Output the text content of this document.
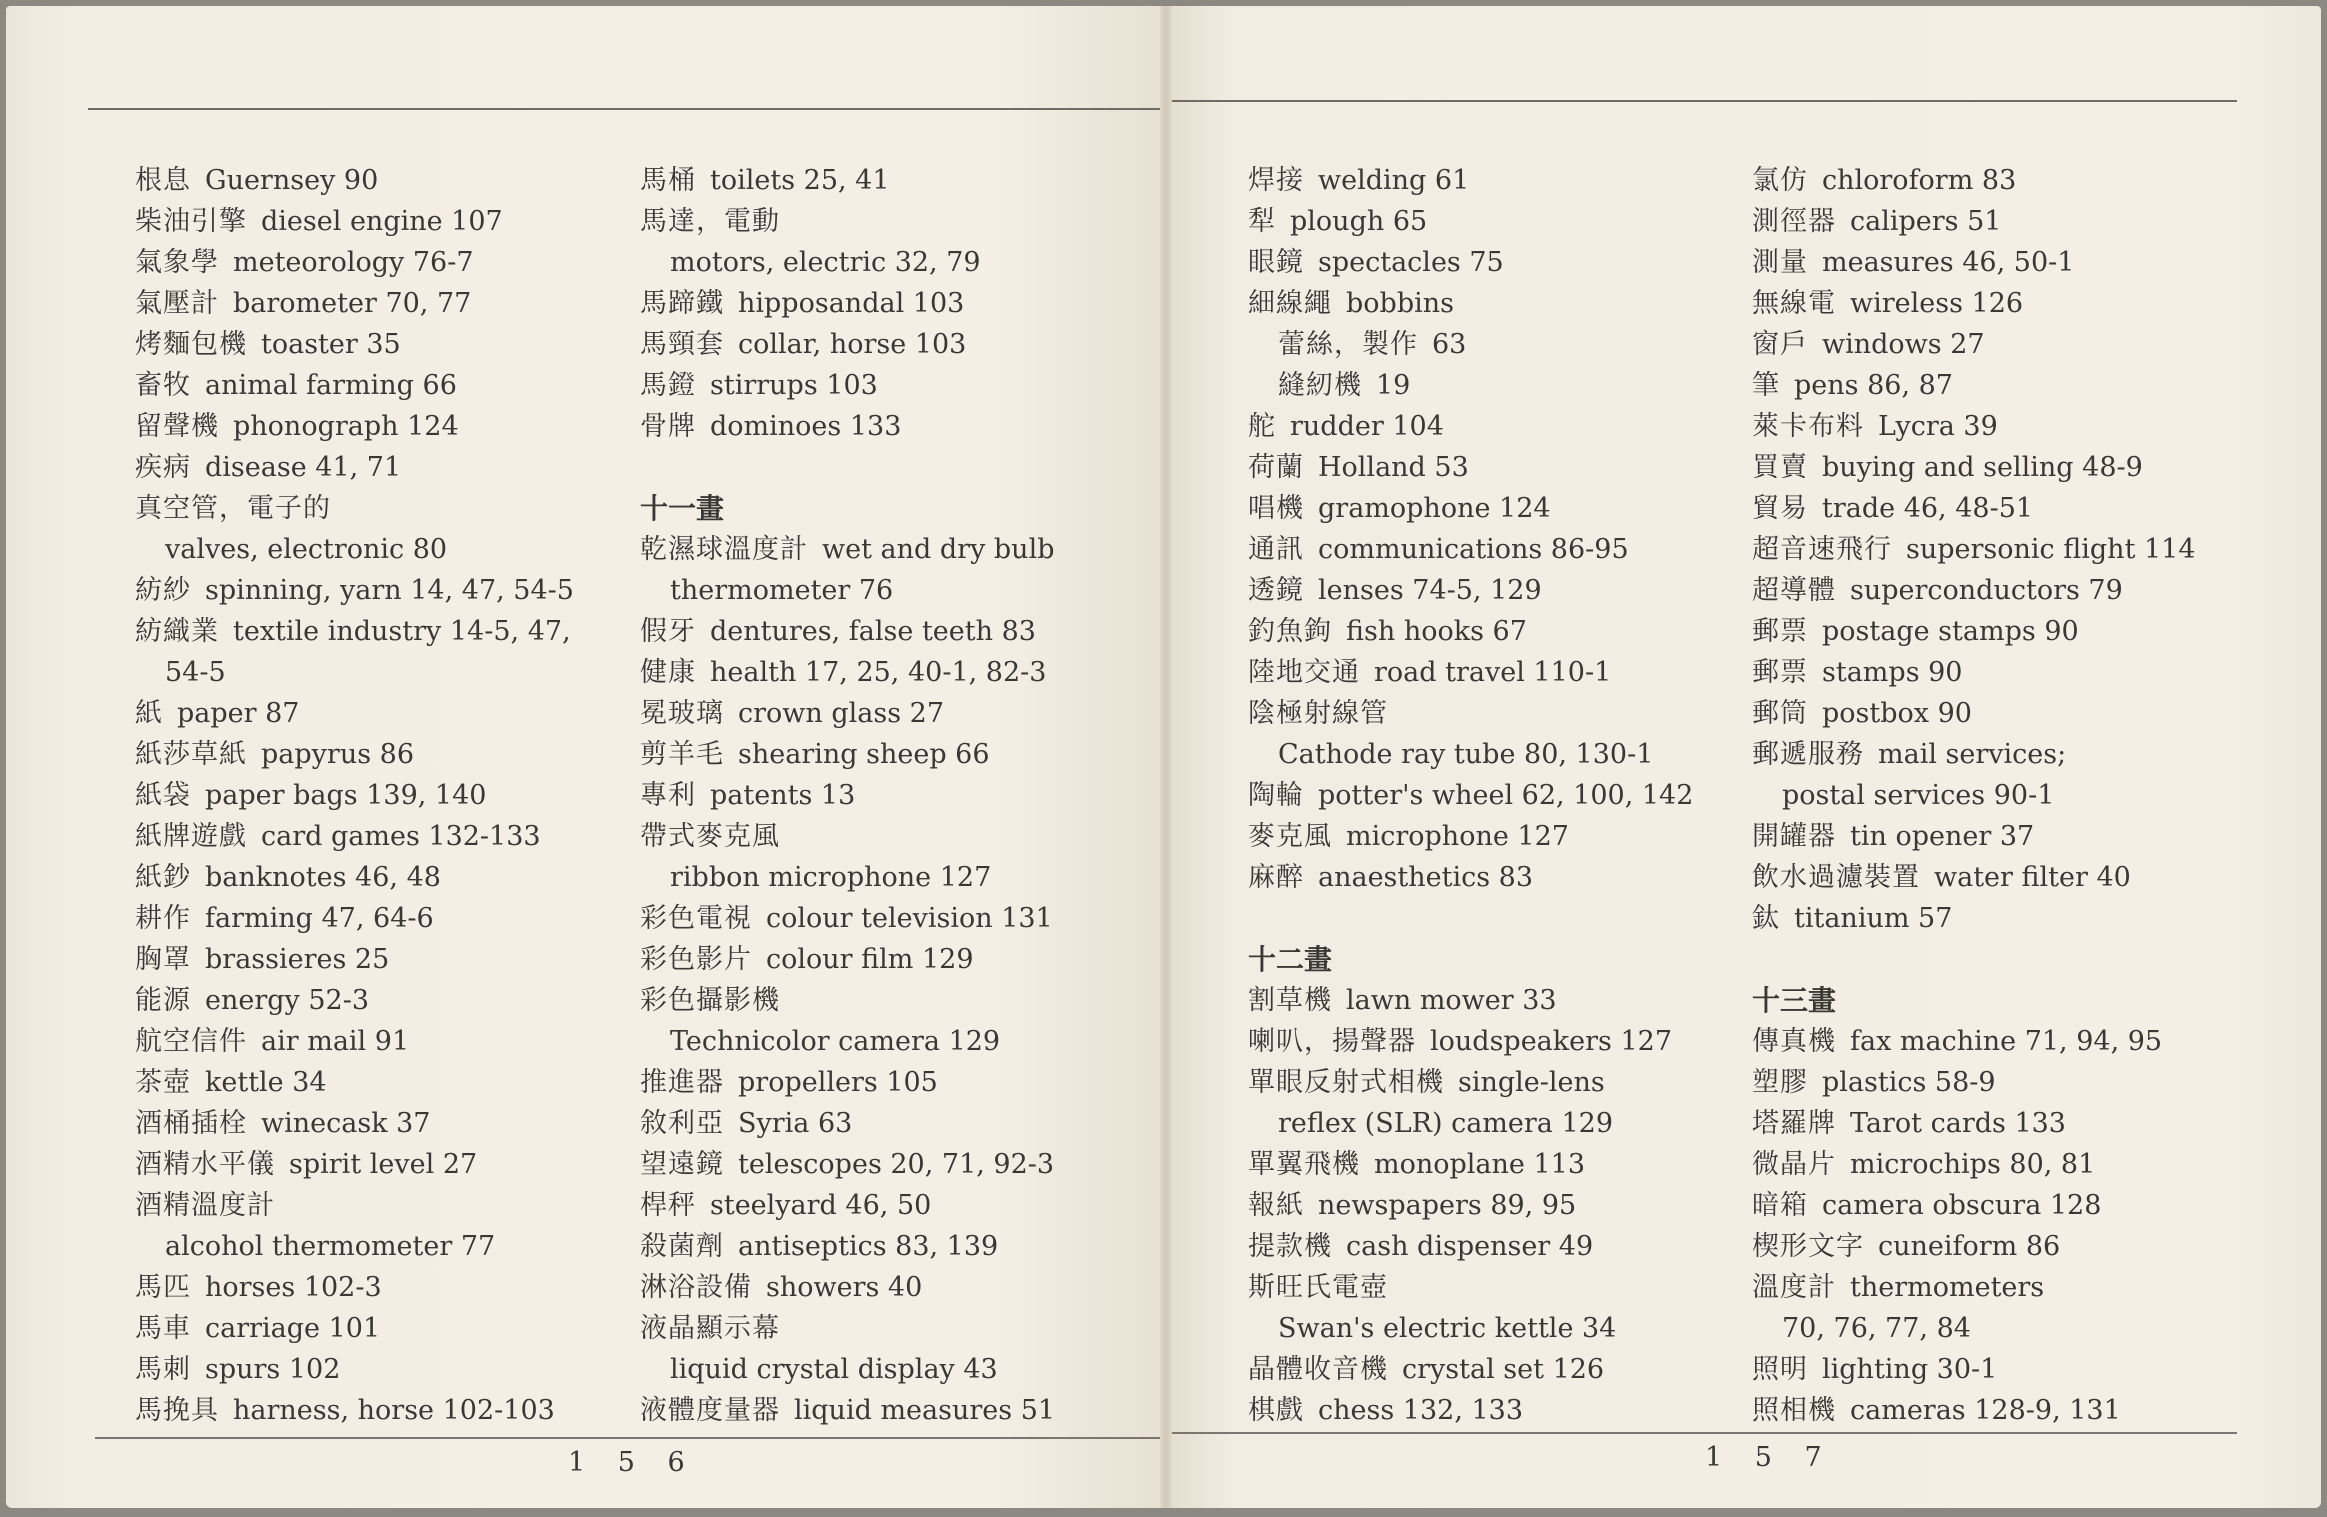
根息 Guernsey 90
柴油引擎 diesel engine 107
氣象學 meteorology 76-7
氣壓計 barometer 70, 77
烤麵包機 toaster 35
畜牧 animal farming 66
留聲機 phonograph 124
疾病 disease 41, 71
真空管，電子的
valves, electronic 80
紡紗 spinning, yarn 14, 47, 54-5
紡織業 textile industry 14-5, 47,
54-5
紙 paper 87
紙莎草紙 papyrus 86
紙袋 paper bags 139, 140
紙牌遊戲 card games 132-133
紙鈔 banknotes 46, 48
耕作 farming 47, 64-6
胸罩 brassieres 25
能源 energy 52-3
航空信件 air mail 91
茶壺 kettle 34
酒桶插栓 winecask 37
酒精水平儀 spirit level 27
酒精溫度計
alcohol thermometer 77
馬匹 horses 102-3
馬車 carriage 101
馬刺 spurs 102
馬挽具 harness, horse 102-103
馬桶 toilets 25, 41
馬達，電動
motors, electric 32, 79
馬蹄鐵 hipposandal 103
馬頸套 collar, horse 103
馬鐙 stirrups 103
骨牌 dominoes 133
十一畫
乾濕球溫度計 wet and dry bulb
thermometer 76
假牙 dentures, false teeth 83
健康 health 17, 25, 40-1, 82-3
冕玻璃 crown glass 27
剪羊毛 shearing sheep 66
專利 patents 13
帶式麥克風
ribbon microphone 127
彩色電視 colour television 131
彩色影片 colour film 129
彩色攝影機
Technicolor camera 129
推進器 propellers 105
敘利亞 Syria 63
望遠鏡 telescopes 20, 71, 92-3
桿秤 steelyard 46, 50
殺菌劑 antiseptics 83, 139
淋浴設備 showers 40
液晶顯示幕
liquid crystal display 43
液體度量器 liquid measures 51
焊接 welding 61
犁 plough 65
眼鏡 spectacles 75
細線繩 bobbins
蕾絲，製作 63
縫紉機 19
舵 rudder 104
荷蘭 Holland 53
唱機 gramophone 124
通訊 communications 86-95
透鏡 lenses 74-5, 129
釣魚鉤 fish hooks 67
陸地交通 road travel 110-1
陰極射線管
Cathode ray tube 80, 130-1
陶輪 potter's wheel 62, 100, 142
麥克風 microphone 127
麻醉 anaesthetics 83
十二畫
割草機 lawn mower 33
喇叭，揚聲器 loudspeakers 127
單眼反射式相機 single-lens
reflex (SLR) camera 129
單翼飛機 monoplane 113
報紙 newspapers 89, 95
提款機 cash dispenser 49
斯旺氏電壺
Swan's electric kettle 34
晶體收音機 crystal set 126
棋戲 chess 132, 133
氯仿 chloroform 83
測徑器 calipers 51
測量 measures 46, 50-1
無線電 wireless 126
窗戶 windows 27
筆 pens 86, 87
萊卡布料 Lycra 39
買賣 buying and selling 48-9
貿易 trade 46, 48-51
超音速飛行 supersonic flight 114
超導體 superconductors 79
郵票 postage stamps 90
郵票 stamps 90
郵筒 postbox 90
郵遞服務 mail services;
postal services 90-1
開罐器 tin opener 37
飲水過濾裝置 water filter 40
鈦 titanium 57
十三畫
傳真機 fax machine 71, 94, 95
塑膠 plastics 58-9
塔羅牌 Tarot cards 133
微晶片 microchips 80, 81
暗箱 camera obscura 128
楔形文字 cuneiform 86
溫度計 thermometers
70, 76, 77, 84
照明 lighting 30-1
照相機 cameras 128-9, 131
1 5 6	1 5 7
